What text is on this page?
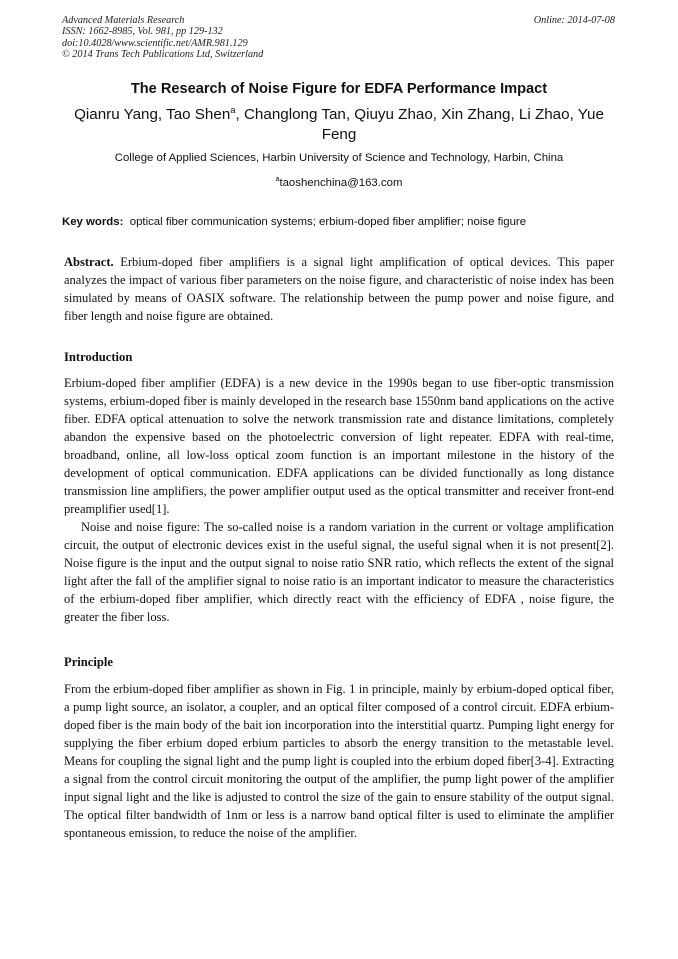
Advanced Materials Research
ISSN: 1662-8985, Vol. 981, pp 129-132
doi:10.4028/www.scientific.net/AMR.981.129
© 2014 Trans Tech Publications Ltd, Switzerland
Online: 2014-07-08
The Research of Noise Figure for EDFA Performance Impact
Qianru Yang, Tao Shen$^a$, Changlong Tan, Qiuyu Zhao, Xin Zhang, Li Zhao, Yue Feng
College of Applied Sciences, Harbin University of Science and Technology, Harbin, China
$^a$taoshenchina@163.com
Key words: optical fiber communication systems; erbium-doped fiber amplifier; noise figure

Abstract. Erbium-doped fiber amplifiers is a signal light amplification of optical devices. This paper analyzes the impact of various fiber parameters on the noise figure, and characteristic of noise index has been simulated by means of OASIX software. The relationship between the pump power and noise figure, and fiber length and noise figure are obtained.

Introduction

Erbium-doped fiber amplifier (EDFA) is a new device in the 1990s began to use fiber-optic transmission systems, erbium-doped fiber is mainly developed in the research base 1550nm band applications on the active fiber. EDFA optical attenuation to solve the network transmission rate and distance limitations, completely abandon the expensive based on the photoelectric conversion of light repeater. EDFA with real-time, broadband, online, all low-loss optical zoom function is an important milestone in the history of the development of optical communication. EDFA applications can be divided functionally as long distance transmission line amplifiers, the power amplifier output used as the optical transmitter and receiver front-end preamplifier used[1].

Noise and noise figure: The so-called noise is a random variation in the current or voltage amplification circuit, the output of electronic devices exist in the useful signal, the useful signal when it is not present[2]. Noise figure is the input and the output signal to noise ratio SNR ratio, which reflects the extent of the signal light after the fall of the amplifier signal to noise ratio is an important indicator to measure the characteristics of the erbium-doped fiber amplifier, which directly react with the efficiency of EDFA , noise figure, the greater the fiber loss.

Principle

From the erbium-doped fiber amplifier as shown in Fig. 1 in principle, mainly by erbium-doped optical fiber, a pump light source, an isolator, a coupler, and an optical filter composed of a control circuit. EDFA erbium-doped fiber is the main body of the bait ion incorporation into the interstitial quartz. Pumping light energy for supplying the fiber erbium doped erbium particles to absorb the energy transition to the metastable level. Means for coupling the signal light and the pump light is coupled into the erbium doped fiber[3-4]. Extracting a signal from the control circuit monitoring the output of the amplifier, the pump light power of the amplifier input signal light and the like is adjusted to control the size of the gain to ensure stability of the output signal. The optical filter bandwidth of 1nm or less is a narrow band optical filter is used to eliminate the amplifier spontaneous emission, to reduce the noise of the amplifier.
